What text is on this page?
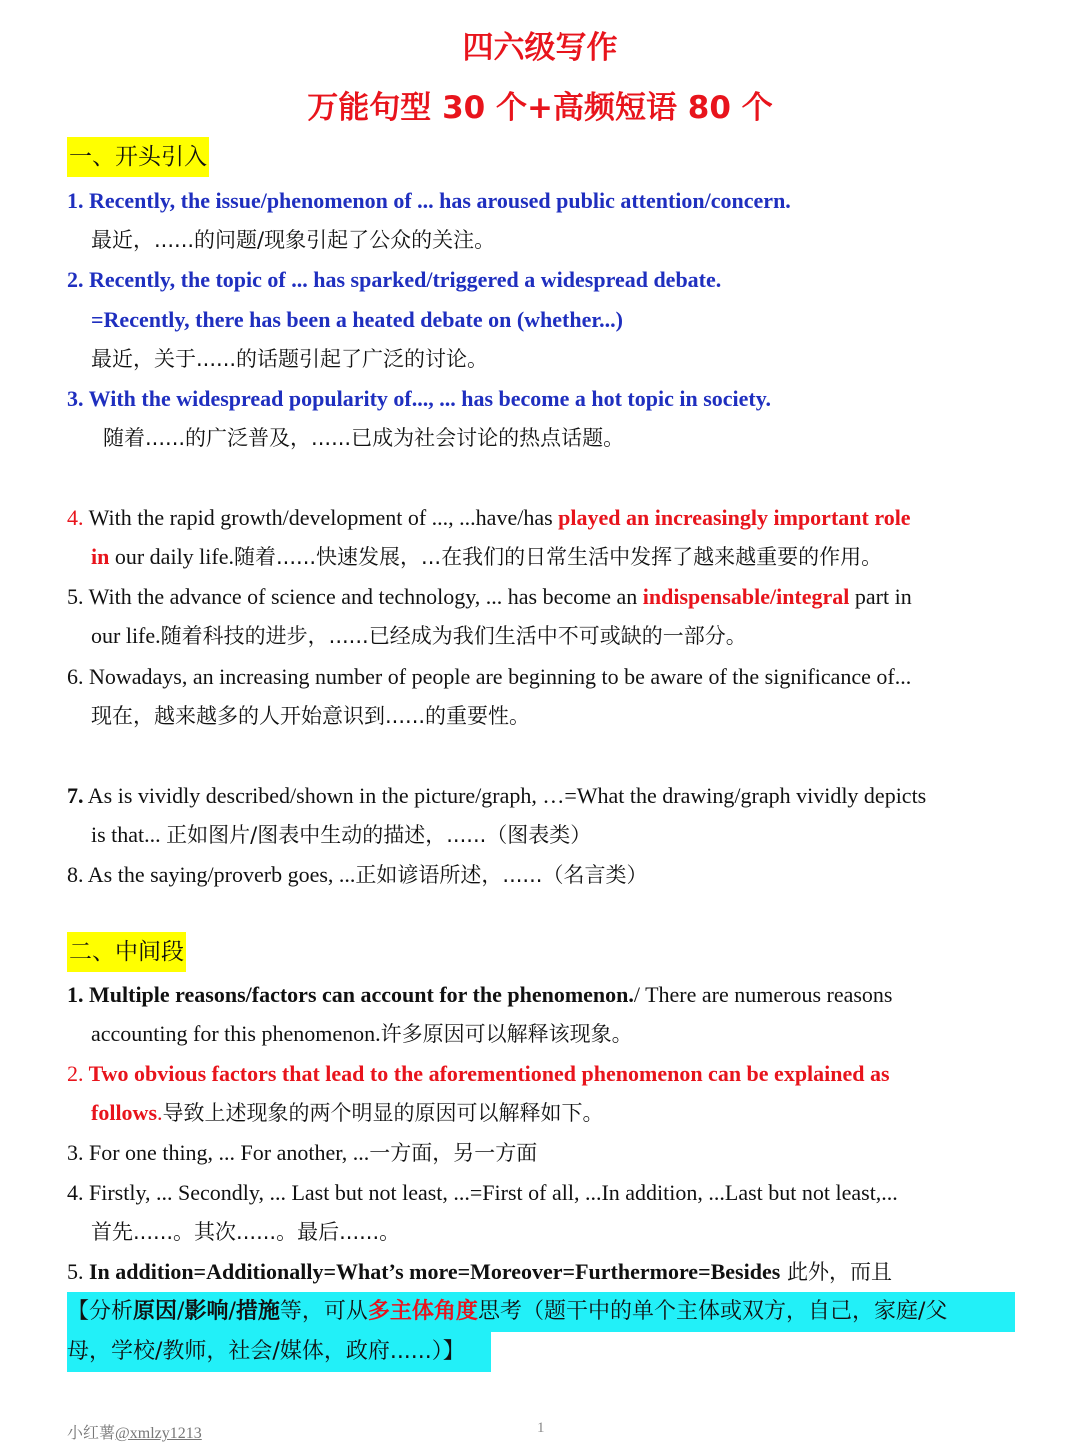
四六级写作
万能句型 30 个+高频短语 80 个
一、开头引入
1. Recently, the issue/phenomenon of ... has aroused public attention/concern.
最近，......的问题/现象引起了公众的关注。
2. Recently, the topic of ... has sparked/triggered a widespread debate.
=Recently, there has been a heated debate on (whether...)
最近，关于......的话题引起了广泛的讨论。
3. With the widespread popularity of..., ... has become a hot topic in society.
随着......的广泛普及，......已成为社会讨论的热点话题。
4. With the rapid growth/development of ..., ...have/has played an increasingly important role
in our daily life.随着......快速发展，...在我们的日常生活中发挥了越来越重要的作用。
5. With the advance of science and technology, ... has become an indispensable/integral part in
our life.随着科技的进步，......已经成为我们生活中不可或缺的一部分。
6. Nowadays, an increasing number of people are beginning to be aware of the significance of...
现在，越来越多的人开始意识到......的重要性。
7. As is vividly described/shown in the picture/graph, …=What the drawing/graph vividly depicts
is that... 正如图片/图表中生动的描述，......（图表类）
8. As the saying/proverb goes, ...正如谚语所述，......（名言类）
二、中间段
1. Multiple reasons/factors can account for the phenomenon./ There are numerous reasons
accounting for this phenomenon.许多原因可以解释该现象。
2. Two obvious factors that lead to the aforementioned phenomenon can be explained as
follows.导致上述现象的两个明显的原因可以解释如下。
3. For one thing, ... For another, ...一方面，另一方面
4. Firstly, ... Secondly, ... Last but not least, ...=First of all, ...In addition, ...Last but not least,...
首先......。其次......。最后......。
5. In addition=Additionally=What’s more=Moreover=Furthermore=Besides 此外，而且
【分析原因/影响/措施等，可从多主体角度思考（题干中的单个主体或双方，自己，家庭/父
母，学校/教师，社会/媒体，政府......）】
小红薯@xmlzy1213	1
